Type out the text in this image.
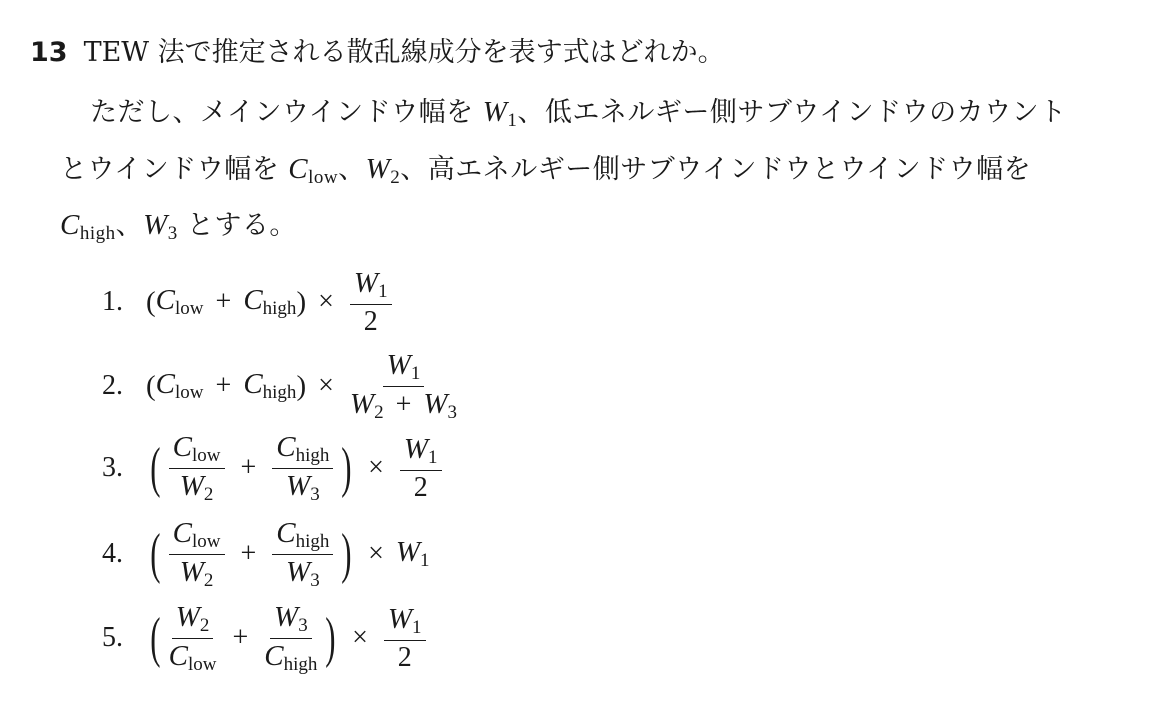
13 TEW 法で推定される散乱線成分を表す式はどれか。
ただし、メインウインドウ幅を $W_1$、低エネルギー側サブウインドウのカウント
とウインドウ幅を $C_{low}$、$W_2$、高エネルギー側サブウインドウとウインドウ幅を
$C_{high}$、$W_3$ とする。
1. ( $C_{low} + C_{high}$ ) × $\frac{W_1}{2}$
2. ( $C_{low} + C_{high}$ ) × $\frac{W_1}{W_2 + W_3}$
3. ( $\frac{C_{low}}{W_2} + \frac{C_{high}}{W_3}$ ) × $\frac{W_1}{2}$
4. ( $\frac{C_{low}}{W_2} + \frac{C_{high}}{W_3}$ ) × $W_1$
5. ( $\frac{W_2}{C_{low}} + \frac{W_3}{C_{high}}$ ) × $\frac{W_1}{2}$
